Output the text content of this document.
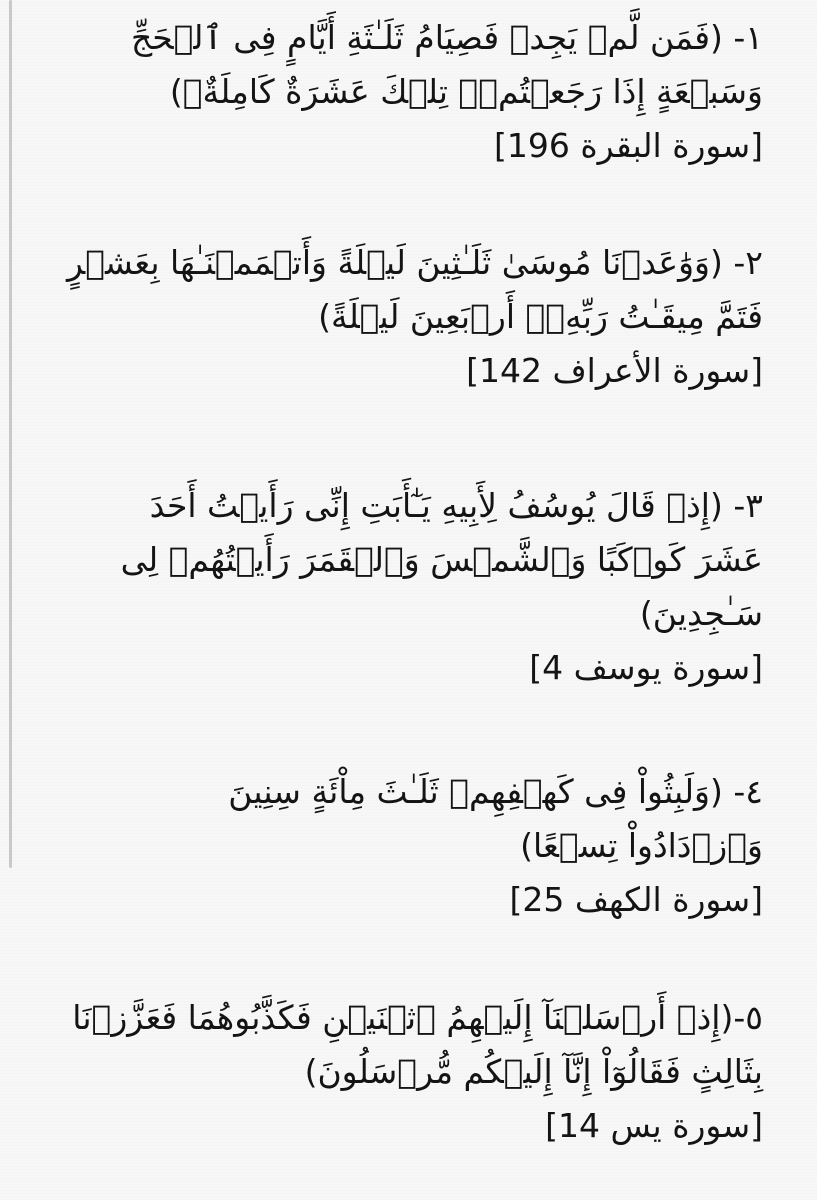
١- (فَمَن لَّمۡ يَجِدۡ فَصِيَامُ ثَلَـٰثَةِ أَيَّامٍ فِى ٱلۡحَجِّ
وَسَبۡعَةٍ إِذَا رَجَعۡتُمۡۗ تِلۡكَ عَشَرَةٌ كَامِلَةٌۗ)
[سورة البقرة 196]
٢- (وَوَٰعَدۡنَا مُوسَىٰ ثَلَـٰثِينَ لَيۡلَةً وَأَتۡمَمۡنَـٰهَا بِعَشۡرٍ
فَتَمَّ مِيقَـٰتُ رَبِّهِۦۤ أَرۡبَعِينَ لَيۡلَةً)
[سورة الأعراف 142]
٣- (إِذۡ قَالَ يُوسُفُ لِأَبِيهِ يَـٰٓأَبَتِ إِنِّى رَأَيۡتُ أَحَدَ
عَشَرَ كَوۡكَبًا وَٱلشَّمۡسَ وَٱلۡقَمَرَ رَأَيۡتُهُمۡ لِى
سَـٰجِدِينَ)
[سورة يوسف 4]
٤- (وَلَبِثُواْ فِى كَهۡفِهِمۡ ثَلَـٰثَ مِاْئَةٍ سِنِينَ
وَٱزۡدَادُواْ تِسۡعًا)
[سورة الكهف 25]
٥-(إِذۡ أَرۡسَلۡنَآ إِلَيۡهِمُ ٱثۡنَيۡنِ فَكَذَّبُوهُمَا فَعَزَّزۡنَا
بِثَالِثٍ فَقَالُوٓاْ إِنَّآ إِلَيۡكُم مُّرۡسَلُونَ)
[سورة يس 14]
